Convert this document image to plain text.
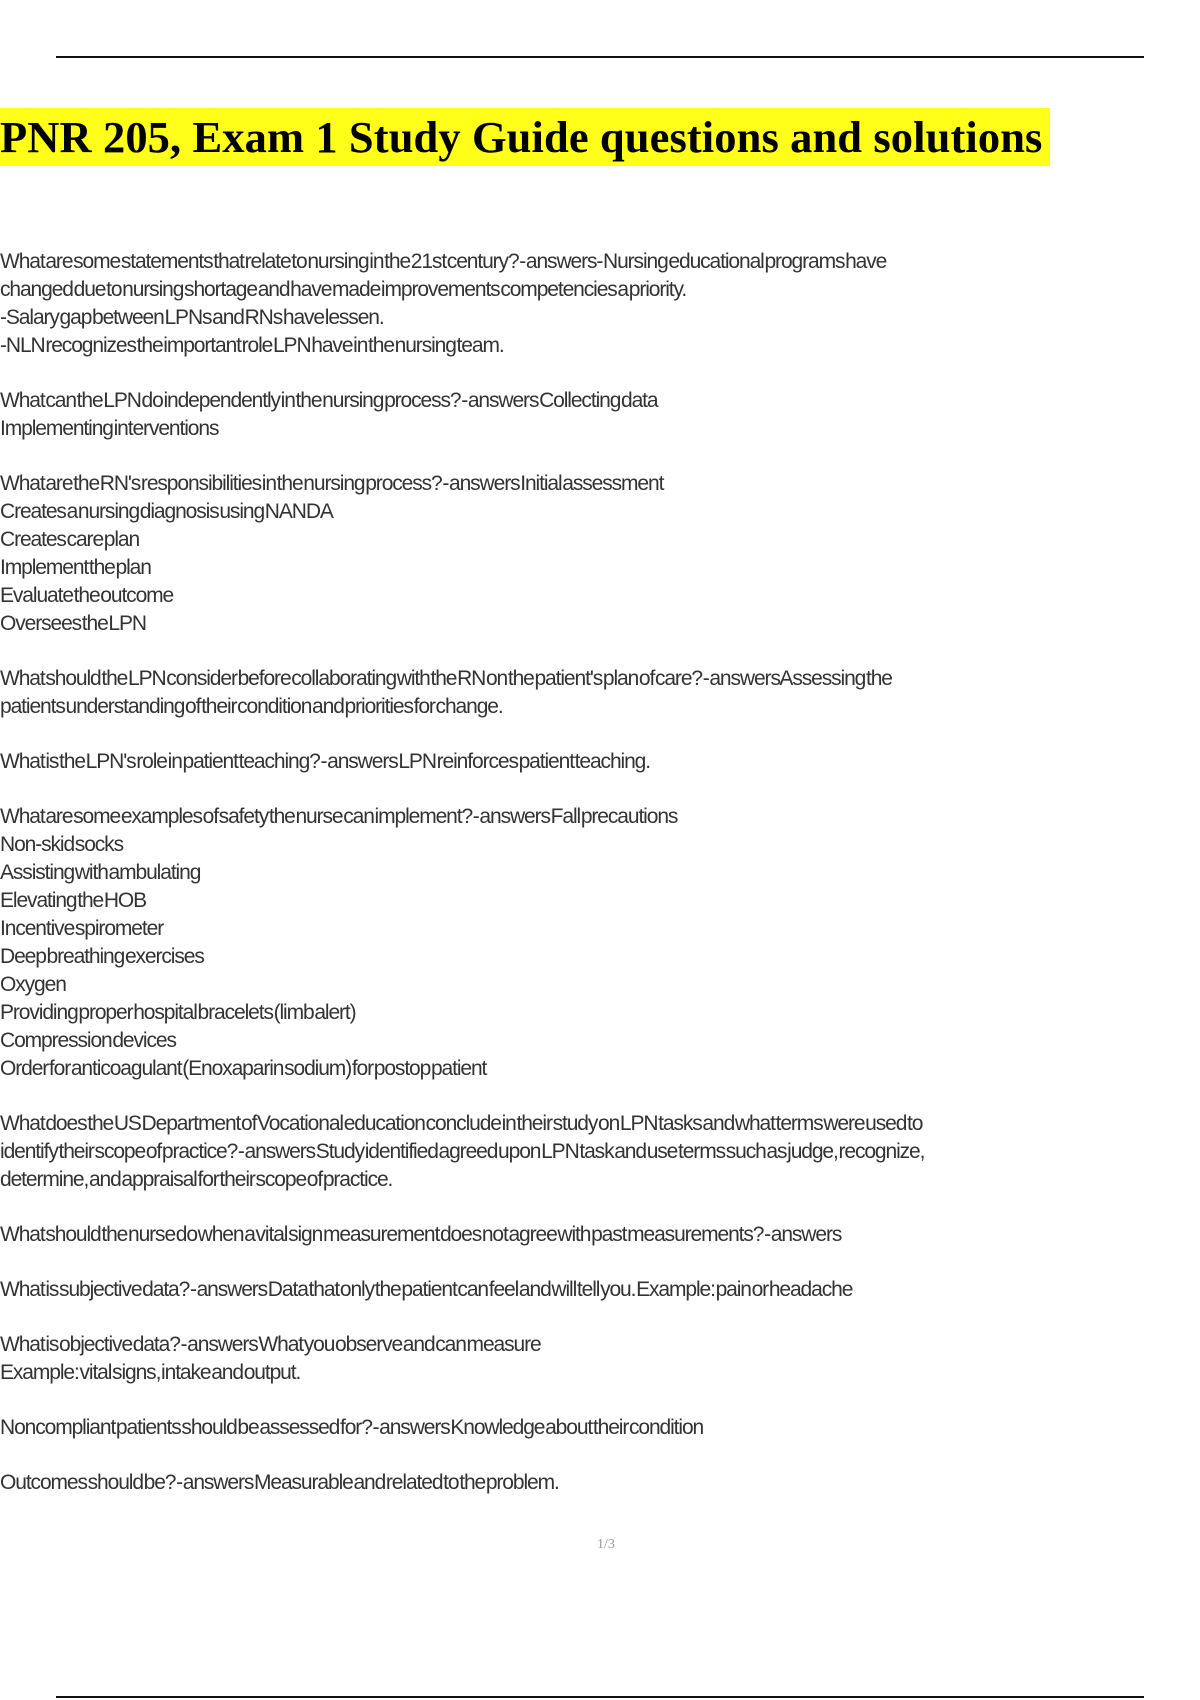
PNR 205, Exam 1 Study Guide questions and solutions
What are some statements that relate to nursing in the 21st century? - answers- Nursing educational programs have
changed due to nursing shortage and have made improvements competencies a priority.
-Salary gap between LPNs and RNs have lessen.
-NLN recognizes the important role LPN have in the nursing team.
What can the LPN do independently in the nursing process? - answers Collecting data
Implementing interventions
What are the RN's responsibilities in the nursing process? - answers Initial assessment
Creates a nursing diagnosis using NANDA
Creates care plan
Implement the plan
Evaluate the outcome
Oversees the LPN
What should the LPN consider before collaborating with the RN on the patient's plan of care? - answers Assessing the
patients understanding of their condition and priorities for change.
What is the LPN's role in patient teaching? - answers LPN reinforces patient teaching.
What are some examples of safety the nurse can implement? - answers Fall precautions
Non-skid socks
Assisting with ambulating
Elevating the HOB
Incentive spirometer
Deep breathing exercises
Oxygen
Providing proper hospital bracelets (limb alert)
Compression devices
Order for anticoagulant (Enoxaparin sodium) for postop patient
What does the US Department of Vocational education conclude in their study on LPN tasks and what terms were used to
identify their scope of practice? - answers Study identified agreed upon LPN task and use terms such as judge, recognize,
determine, and appraisal for their scope of practice.
What should the nurse do when a vital sign measurement does not agree with past measurements? - answers
What is subjective data? - answers Data that only the patient can feel and will tell you. Example: pain or headache
What is objective data? - answers What you observe and can measure
Example: vital signs, intake and output.
Noncompliant patients should be assessed for? - answers Knowledge about their condition
Outcomes should be? - answers Measurable and related to the problem.
1/3
